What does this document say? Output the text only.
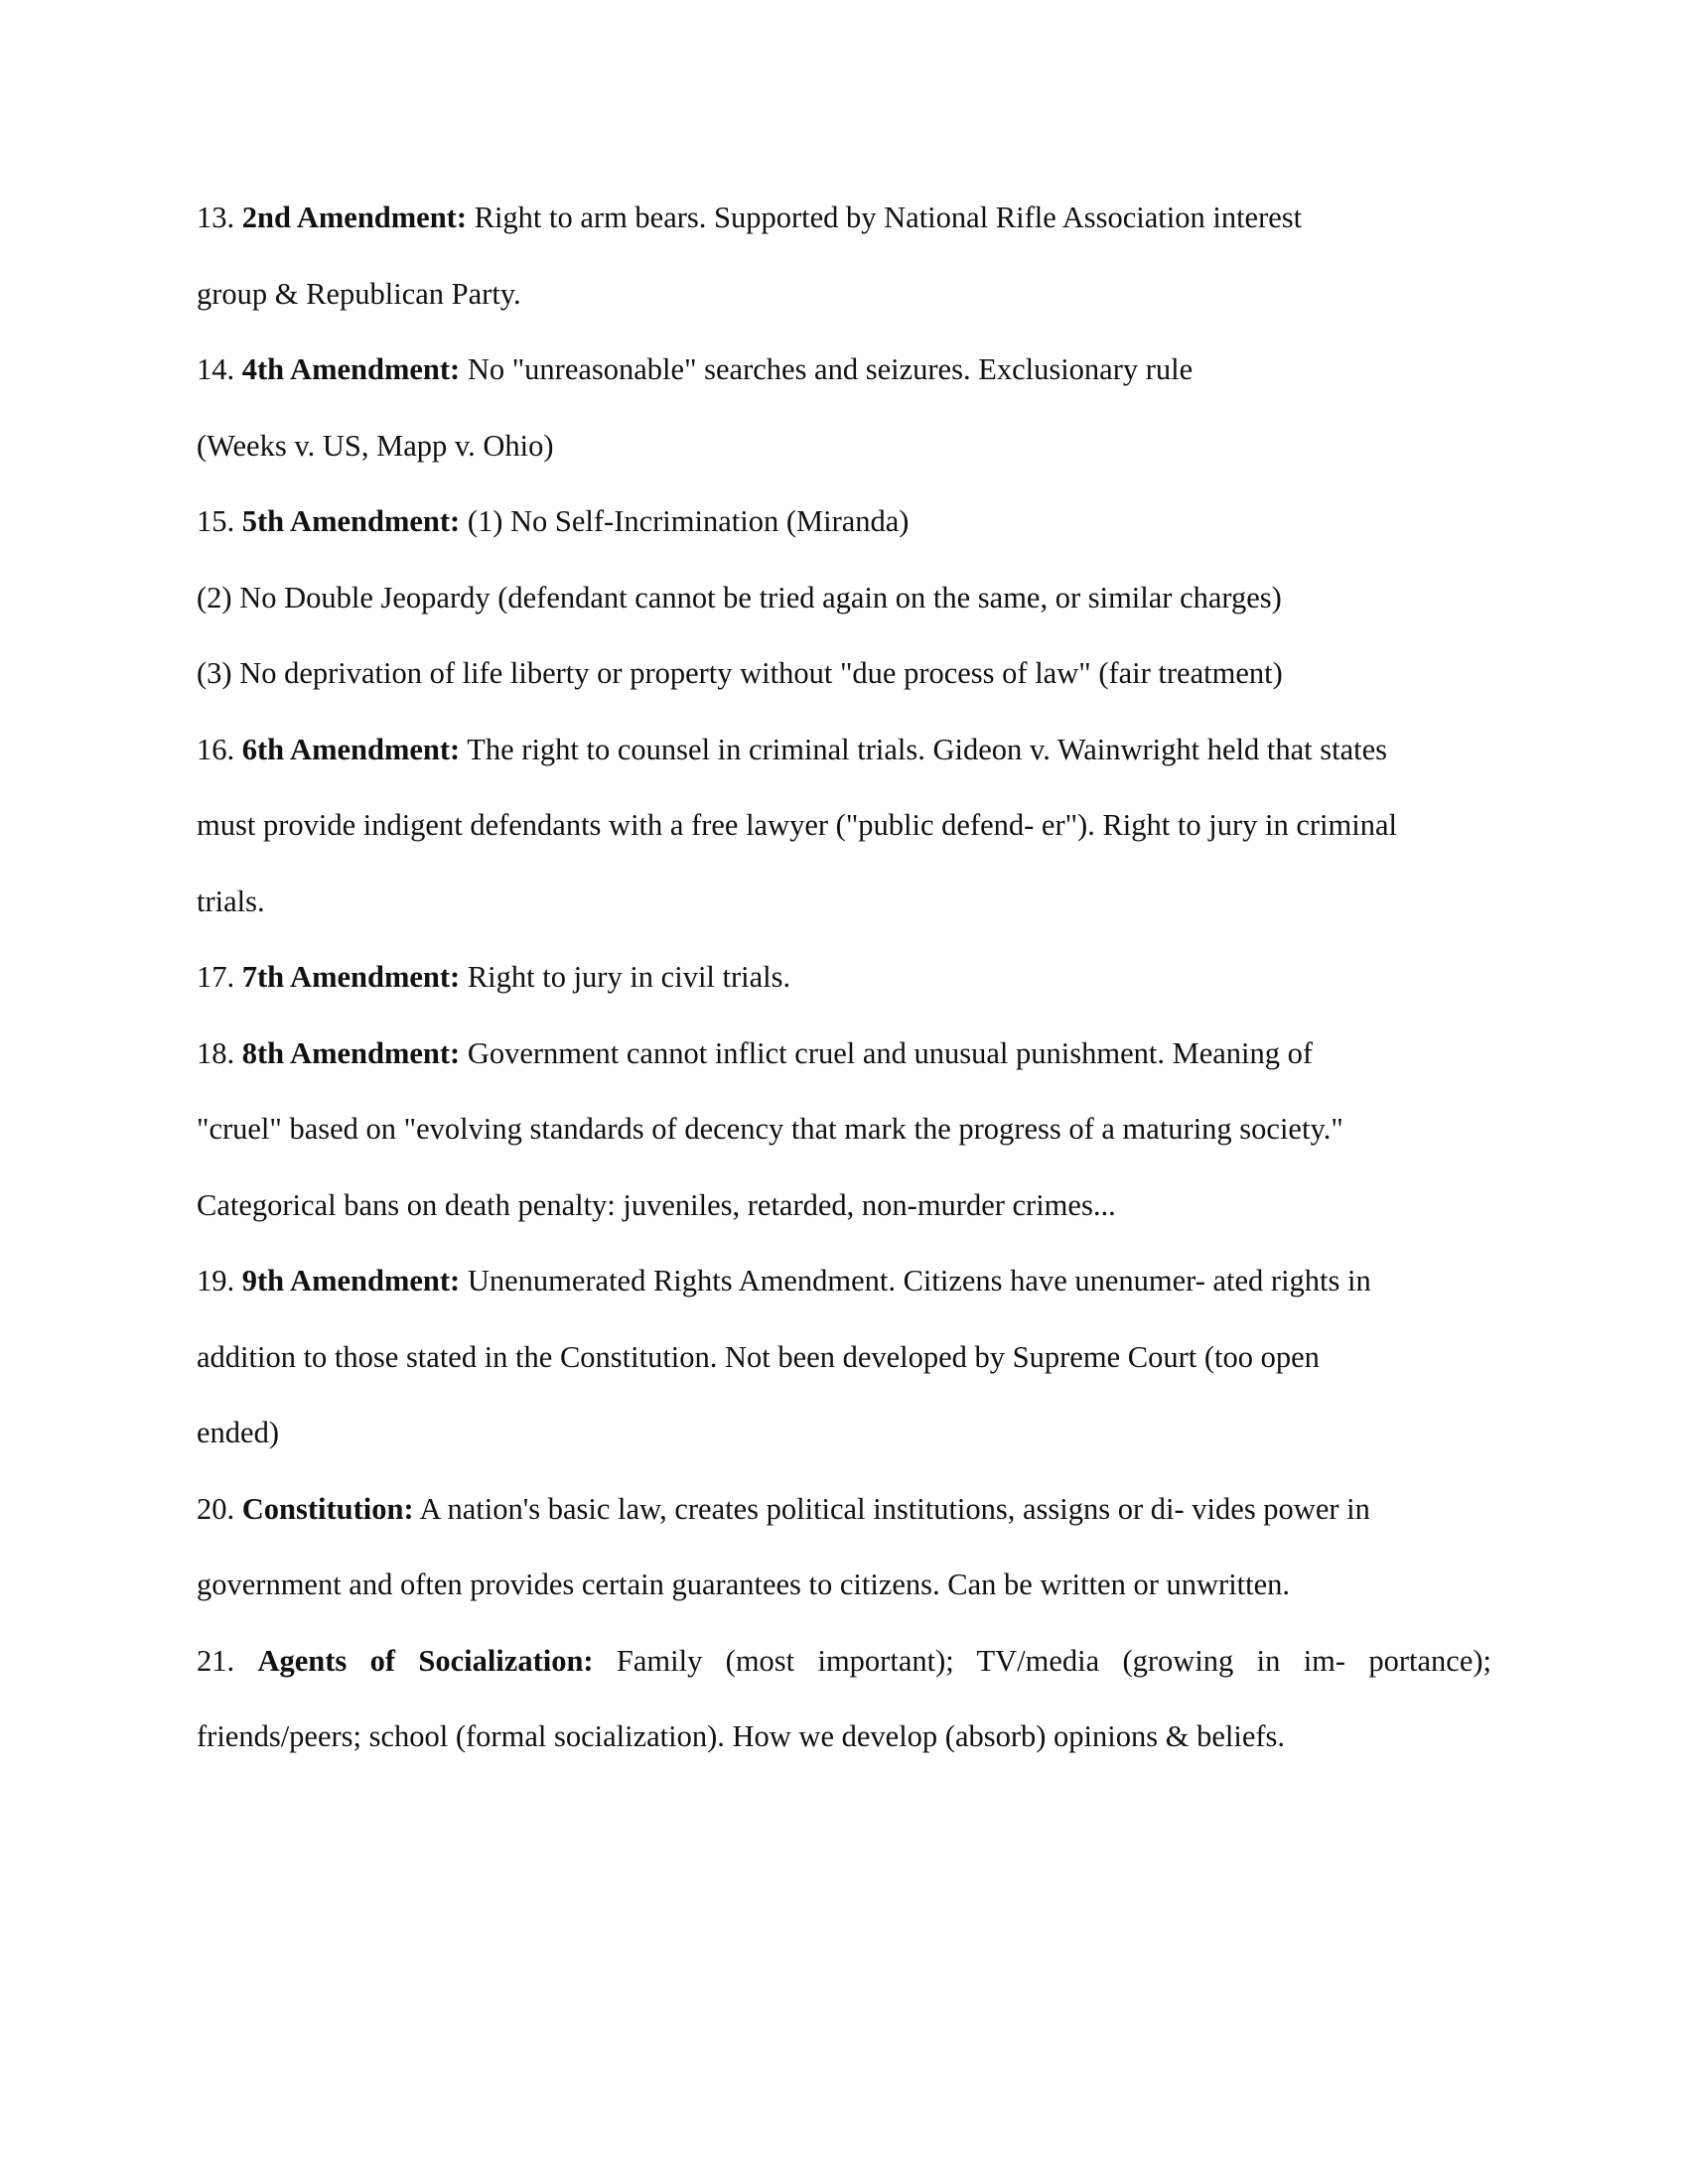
13. 2nd Amendment: Right to arm bears. Supported by National Rifle Association interest
group & Republican Party.
14. 4th Amendment: No "unreasonable" searches and seizures. Exclusionary rule
(Weeks v. US, Mapp v. Ohio)
15. 5th Amendment: (1) No Self-Incrimination (Miranda)
(2) No Double Jeopardy (defendant cannot be tried again on the same, or similar charges)
(3) No deprivation of life liberty or property without "due process of law" (fair treatment)
16. 6th Amendment: The right to counsel in criminal trials. Gideon v. Wainwright held that states
must provide indigent defendants with a free lawyer ("public defend- er"). Right to jury in criminal
trials.
17. 7th Amendment: Right to jury in civil trials.
18. 8th Amendment: Government cannot inflict cruel and unusual punishment. Meaning of
"cruel" based on "evolving standards of decency that mark the progress of a maturing society."
Categorical bans on death penalty: juveniles, retarded, non-murder crimes...
19. 9th Amendment: Unenumerated Rights Amendment. Citizens have unenumer- ated rights in
addition to those stated in the Constitution. Not been developed by Supreme Court (too open
ended)
20. Constitution: A nation's basic law, creates political institutions, assigns or di- vides power in
government and often provides certain guarantees to citizens. Can be written or unwritten.
21. Agents of Socialization: Family (most important); TV/media (growing in im- portance);
friends/peers; school (formal socialization). How we develop (absorb) opinions & beliefs.
